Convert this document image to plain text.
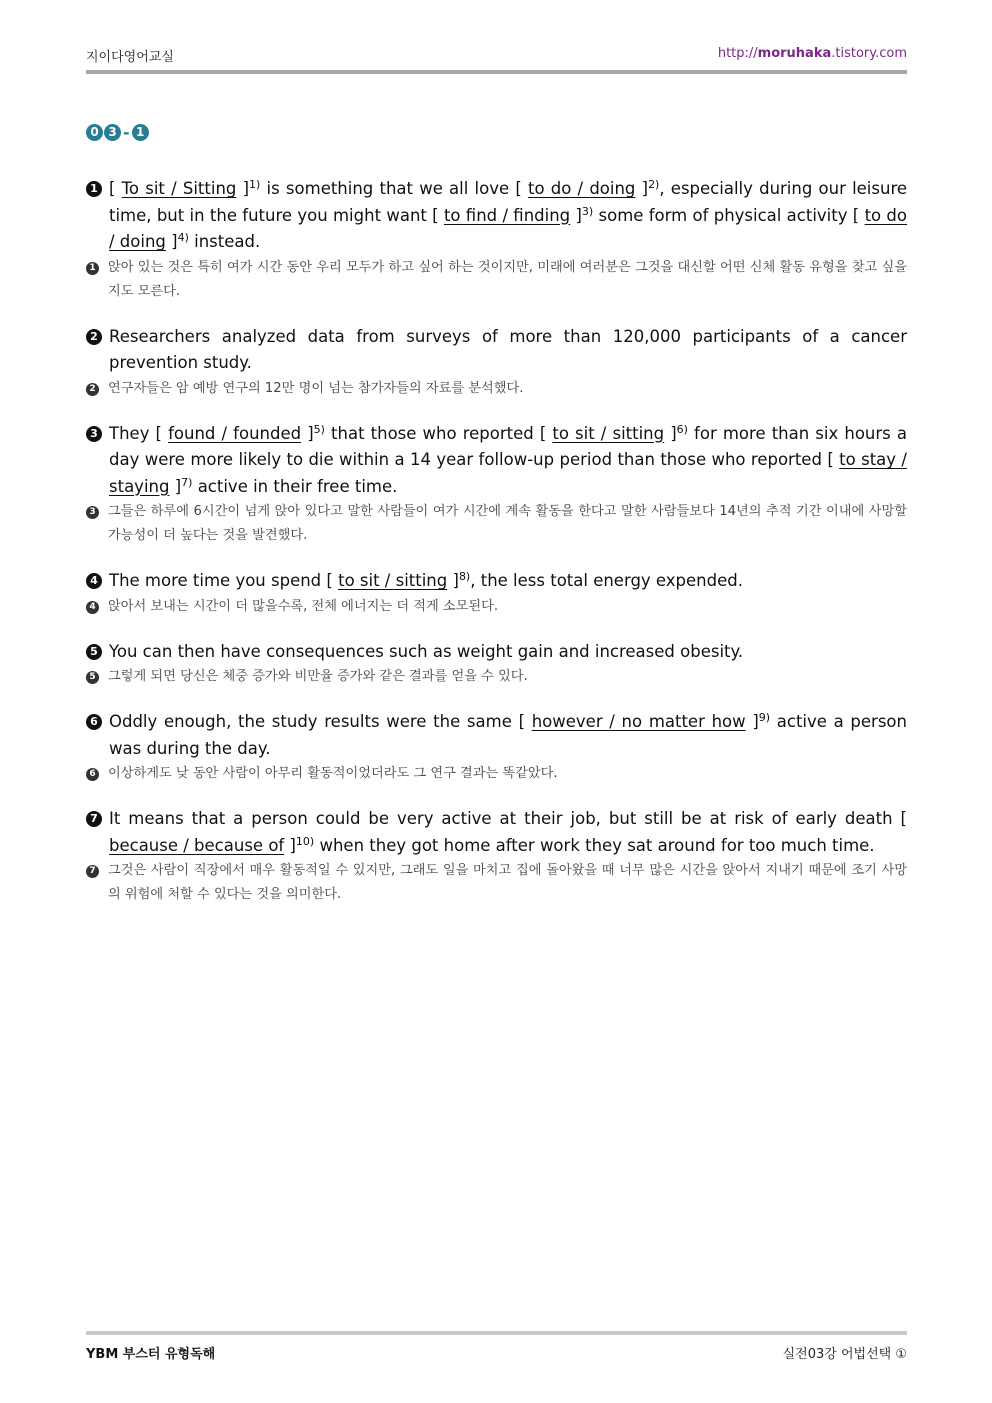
지이다영어교실	http://moruhaka.tistory.com
0 3 - 1
1 [ To sit / Sitting ]$^{1)}$ is something that we all love [ to do / doing ]$^{2)}$, especially during our leisure time, but in the future you might want [ to find / finding ]$^{3)}$ some form of physical activity [ to do / doing ]$^{4)}$ instead.
1 앉아 있는 것은 특히 여가 시간 동안 우리 모두가 하고 싶어 하는 것이지만, 미래에 여러분은 그것을 대신할 어떤 신체 활동 유형을 찾고 싶을지도 모른다.
2 Researchers analyzed data from surveys of more than 120,000 participants of a cancer prevention study.
2 연구자들은 암 예방 연구의 12만 명이 넘는 참가자들의 자료를 분석했다.
3 They [ found / founded ]$^{5)}$ that those who reported [ to sit / sitting ]$^{6)}$ for more than six hours a day were more likely to die within a 14 year follow-up period than those who reported [ to stay / staying ]$^{7)}$ active in their free time.
3 그들은 하루에 6시간이 넘게 앉아 있다고 말한 사람들이 여가 시간에 계속 활동을 한다고 말한 사람들보다 14년의 추적 기간 이내에 사망할 가능성이 더 높다는 것을 발견했다.
4 The more time you spend [ to sit / sitting ]$^{8)}$, the less total energy expended.
4 앉아서 보내는 시간이 더 많을수록, 전체 에너지는 더 적게 소모된다.
5 You can then have consequences such as weight gain and increased obesity.
5 그렇게 되면 당신은 체중 증가와 비만율 증가와 같은 결과를 얻을 수 있다.
6 Oddly enough, the study results were the same [ however / no matter how ]$^{9)}$ active a person was during the day.
6 이상하게도 낮 동안 사람이 아무리 활동적이었더라도 그 연구 결과는 똑같았다.
7 It means that a person could be very active at their job, but still be at risk of early death [ because / because of ]$^{10)}$ when they got home after work they sat around for too much time.
7 그것은 사람이 직장에서 매우 활동적일 수 있지만, 그래도 일을 마치고 집에 돌아왔을 때 너무 많은 시간을 앉아서 지내기 때문에 조기 사망의 위험에 처할 수 있다는 것을 의미한다.
YBM 부스터 유형독해	실전03강 어법선택 ①
